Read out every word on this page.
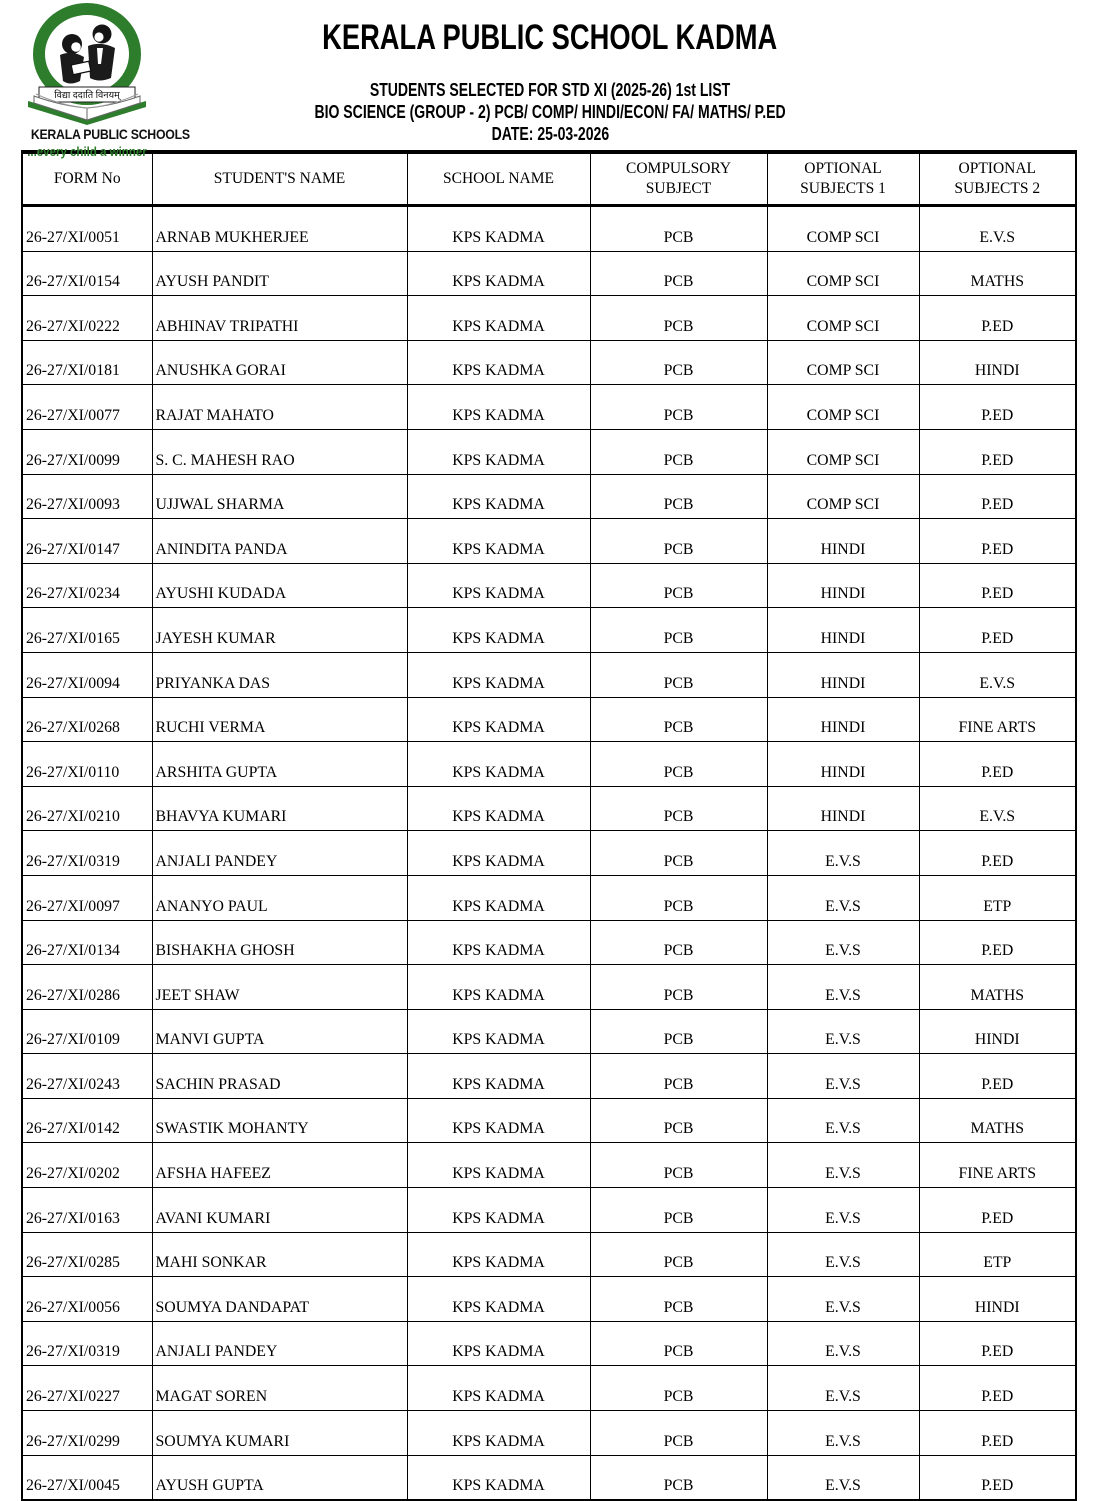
विद्या ददाति विनयम्
KERALA PUBLIC SCHOOLS
...every child a winner
KERALA PUBLIC SCHOOL KADMA
STUDENTS SELECTED FOR STD XI (2025-26) 1st LIST
BIO SCIENCE (GROUP - 2) PCB/ COMP/ HINDI/ECON/ FA/ MATHS/ P.ED
DATE: 25-03-2026
FORM No	STUDENT'S NAME	SCHOOL NAME	COMPULSORY SUBJECT	OPTIONAL SUBJECTS 1	OPTIONAL SUBJECTS 2
26-27/XI/0051	ARNAB MUKHERJEE	KPS KADMA	PCB	COMP SCI	E.V.S
26-27/XI/0154	AYUSH PANDIT	KPS KADMA	PCB	COMP SCI	MATHS
26-27/XI/0222	ABHINAV TRIPATHI	KPS KADMA	PCB	COMP SCI	P.ED
26-27/XI/0181	ANUSHKA GORAI	KPS KADMA	PCB	COMP SCI	HINDI
26-27/XI/0077	RAJAT MAHATO	KPS KADMA	PCB	COMP SCI	P.ED
26-27/XI/0099	S. C. MAHESH RAO	KPS KADMA	PCB	COMP SCI	P.ED
26-27/XI/0093	UJJWAL SHARMA	KPS KADMA	PCB	COMP SCI	P.ED
26-27/XI/0147	ANINDITA PANDA	KPS KADMA	PCB	HINDI	P.ED
26-27/XI/0234	AYUSHI KUDADA	KPS KADMA	PCB	HINDI	P.ED
26-27/XI/0165	JAYESH KUMAR	KPS KADMA	PCB	HINDI	P.ED
26-27/XI/0094	PRIYANKA DAS	KPS KADMA	PCB	HINDI	E.V.S
26-27/XI/0268	RUCHI VERMA	KPS KADMA	PCB	HINDI	FINE ARTS
26-27/XI/0110	ARSHITA GUPTA	KPS KADMA	PCB	HINDI	P.ED
26-27/XI/0210	BHAVYA KUMARI	KPS KADMA	PCB	HINDI	E.V.S
26-27/XI/0319	ANJALI PANDEY	KPS KADMA	PCB	E.V.S	P.ED
26-27/XI/0097	ANANYO PAUL	KPS KADMA	PCB	E.V.S	ETP
26-27/XI/0134	BISHAKHA GHOSH	KPS KADMA	PCB	E.V.S	P.ED
26-27/XI/0286	JEET SHAW	KPS KADMA	PCB	E.V.S	MATHS
26-27/XI/0109	MANVI GUPTA	KPS KADMA	PCB	E.V.S	HINDI
26-27/XI/0243	SACHIN PRASAD	KPS KADMA	PCB	E.V.S	P.ED
26-27/XI/0142	SWASTIK MOHANTY	KPS KADMA	PCB	E.V.S	MATHS
26-27/XI/0202	AFSHA HAFEEZ	KPS KADMA	PCB	E.V.S	FINE ARTS
26-27/XI/0163	AVANI KUMARI	KPS KADMA	PCB	E.V.S	P.ED
26-27/XI/0285	MAHI SONKAR	KPS KADMA	PCB	E.V.S	ETP
26-27/XI/0056	SOUMYA DANDAPAT	KPS KADMA	PCB	E.V.S	HINDI
26-27/XI/0319	ANJALI PANDEY	KPS KADMA	PCB	E.V.S	P.ED
26-27/XI/0227	MAGAT SOREN	KPS KADMA	PCB	E.V.S	P.ED
26-27/XI/0299	SOUMYA KUMARI	KPS KADMA	PCB	E.V.S	P.ED
26-27/XI/0045	AYUSH GUPTA	KPS KADMA	PCB	E.V.S	P.ED
